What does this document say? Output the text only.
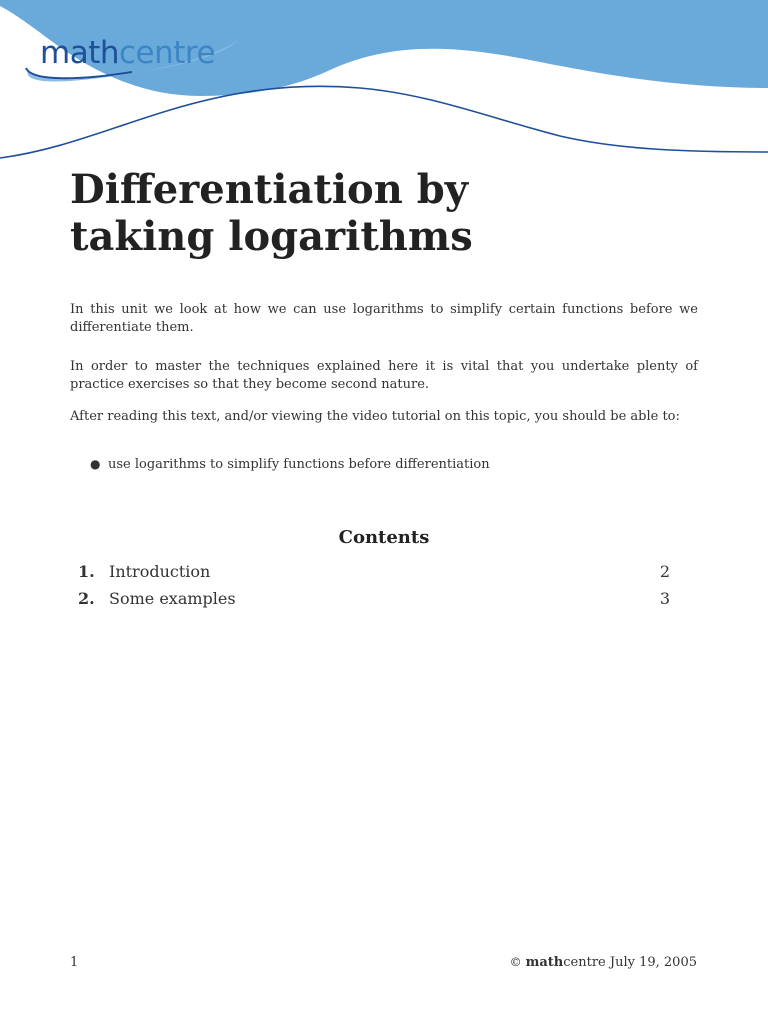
mathcentre
Differentiation by
taking logarithms

In this unit we look at how we can use logarithms to simplify certain functions before we differentiate them.

In order to master the techniques explained here it is vital that you undertake plenty of practice exercises so that they become second nature.

After reading this text, and/or viewing the video tutorial on this topic, you should be able to:

● use logarithms to simplify functions before differentiation
Contents
1. Introduction	2
2. Some examples	3
1	© mathcentre July 19, 2005
